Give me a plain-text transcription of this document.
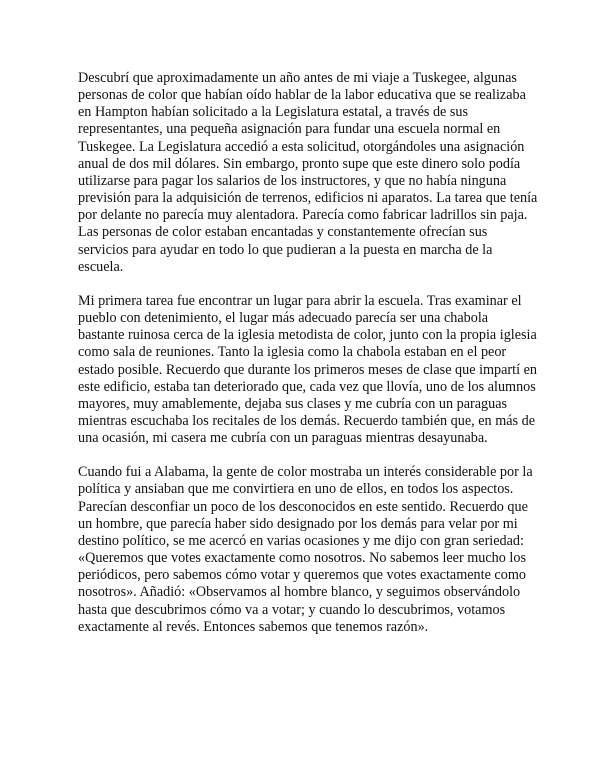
Descubrí que aproximadamente un año antes de mi viaje a Tuskegee, algunas personas de color que habían oído hablar de la labor educativa que se realizaba en Hampton habían solicitado a la Legislatura estatal, a través de sus representantes, una pequeña asignación para fundar una escuela normal en Tuskegee. La Legislatura accedió a esta solicitud, otorgándoles una asignación anual de dos mil dólares. Sin embargo, pronto supe que este dinero solo podía utilizarse para pagar los salarios de los instructores, y que no había ninguna previsión para la adquisición de terrenos, edificios ni aparatos. La tarea que tenía por delante no parecía muy alentadora. Parecía como fabricar ladrillos sin paja. Las personas de color estaban encantadas y constantemente ofrecían sus servicios para ayudar en todo lo que pudieran a la puesta en marcha de la escuela.

Mi primera tarea fue encontrar un lugar para abrir la escuela. Tras examinar el pueblo con detenimiento, el lugar más adecuado parecía ser una chabola bastante ruinosa cerca de la iglesia metodista de color, junto con la propia iglesia como sala de reuniones. Tanto la iglesia como la chabola estaban en el peor estado posible. Recuerdo que durante los primeros meses de clase que impartí en este edificio, estaba tan deteriorado que, cada vez que llovía, uno de los alumnos mayores, muy amablemente, dejaba sus clases y me cubría con un paraguas mientras escuchaba los recitales de los demás. Recuerdo también que, en más de una ocasión, mi casera me cubría con un paraguas mientras desayunaba.

Cuando fui a Alabama, la gente de color mostraba un interés considerable por la política y ansiaban que me convirtiera en uno de ellos, en todos los aspectos. Parecían desconfiar un poco de los desconocidos en este sentido. Recuerdo que un hombre, que parecía haber sido designado por los demás para velar por mi destino político, se me acercó en varias ocasiones y me dijo con gran seriedad: «Queremos que votes exactamente como nosotros. No sabemos leer mucho los periódicos, pero sabemos cómo votar y queremos que votes exactamente como nosotros». Añadió: «Observamos al hombre blanco, y seguimos observándolo hasta que descubrimos cómo va a votar; y cuando lo descubrimos, votamos exactamente al revés. Entonces sabemos que tenemos razón».
